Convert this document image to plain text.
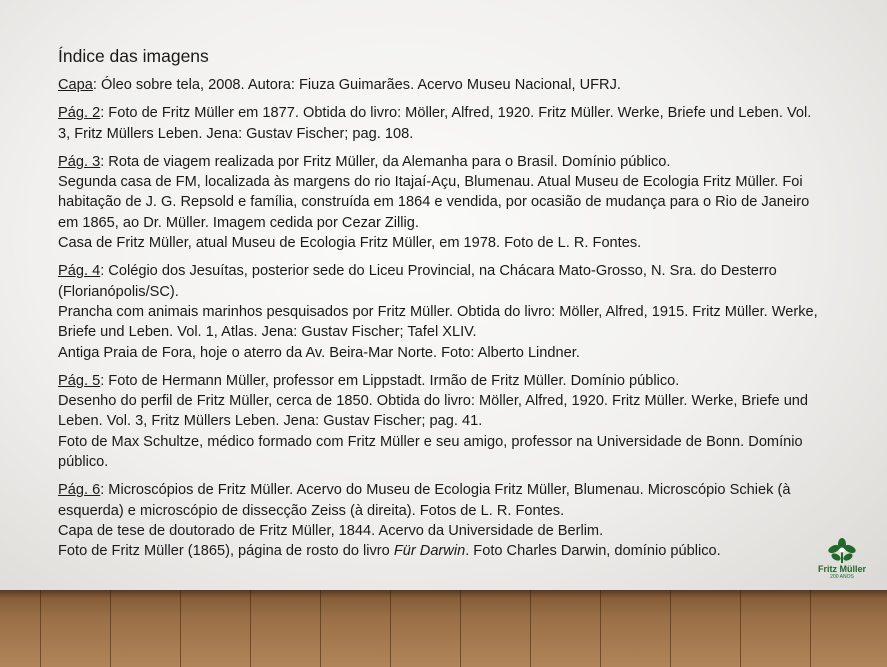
Índice das imagens

Capa: Óleo sobre tela, 2008. Autora: Fiuza Guimarães. Acervo Museu Nacional, UFRJ.

Pág. 2: Foto de Fritz Müller em 1877. Obtida do livro: Möller, Alfred, 1920. Fritz Müller. Werke, Briefe und Leben. Vol. 3, Fritz Müllers Leben. Jena: Gustav Fischer; pag. 108.

Pág. 3: Rota de viagem realizada por Fritz Müller, da Alemanha para o Brasil. Domínio público.

Segunda casa de FM, localizada às margens do rio Itajaí-Açu, Blumenau. Atual Museu de Ecologia Fritz Müller. Foi habitação de J. G. Repsold e família, construída em 1864 e vendida, por ocasião de mudança para o Rio de Janeiro em 1865, ao Dr. Müller. Imagem cedida por Cezar Zillig.

Casa de Fritz Müller, atual Museu de Ecologia Fritz Müller, em 1978. Foto de L. R. Fontes.

Pág. 4: Colégio dos Jesuítas, posterior sede do Liceu Provincial, na Chácara Mato-Grosso, N. Sra. do Desterro (Florianópolis/SC).

Prancha com animais marinhos pesquisados por Fritz Müller. Obtida do livro: Möller, Alfred, 1915. Fritz Müller. Werke, Briefe und Leben. Vol. 1, Atlas. Jena: Gustav Fischer; Tafel XLIV.

Antiga Praia de Fora, hoje o aterro da Av. Beira-Mar Norte. Foto: Alberto Lindner.

Pág. 5: Foto de Hermann Müller, professor em Lippstadt. Irmão de Fritz Müller. Domínio público.

Desenho do perfil de Fritz Müller, cerca de 1850. Obtida do livro: Möller, Alfred, 1920. Fritz Müller. Werke, Briefe und Leben. Vol. 3, Fritz Müllers Leben. Jena: Gustav Fischer; pag. 41.

Foto de Max Schultze, médico formado com Fritz Müller e seu amigo, professor na Universidade de Bonn. Domínio público.

Pág. 6: Microscópios de Fritz Müller. Acervo do Museu de Ecologia Fritz Müller, Blumenau. Microscópio Schiek (à esquerda) e microscópio de dissecção Zeiss (à direita). Fotos de L. R. Fontes.

Capa de tese de doutorado de Fritz Müller, 1844. Acervo da Universidade de Berlim.

Foto de Fritz Müller (1865), página de rosto do livro Für Darwin. Foto Charles Darwin, domínio público.

Fritz Müller
200 ANOS
